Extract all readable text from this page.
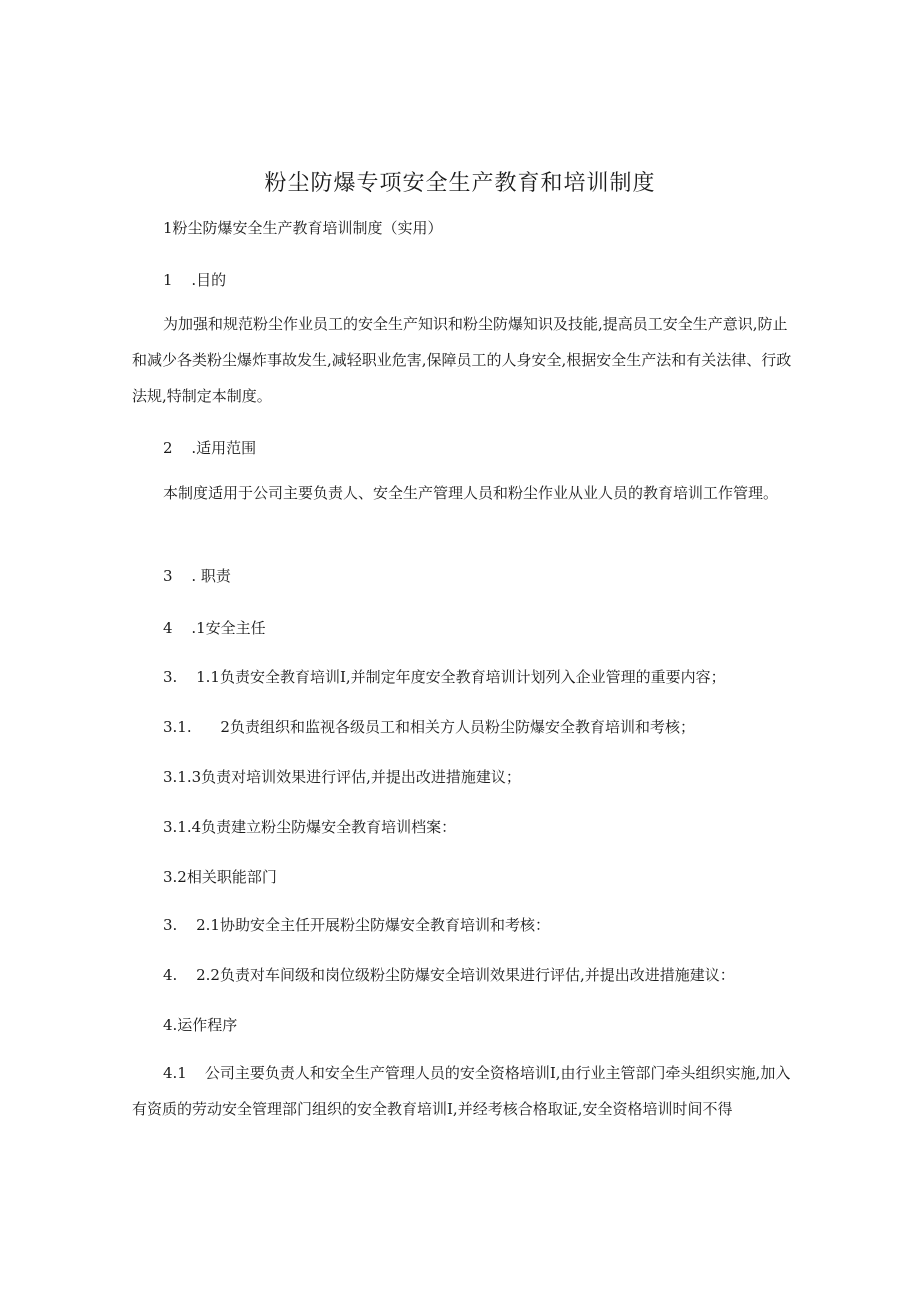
粉尘防爆专项安全生产教育和培训制度

1粉尘防爆安全生产教育培训制度（实用）

1 .目的

为加强和规范粉尘作业员工的安全生产知识和粉尘防爆知识及技能,提高员工安全生产意识,防止和减少各类粉尘爆炸事故发生,减轻职业危害,保障员工的人身安全,根据安全生产法和有关法律、行政法规,特制定本制度。

2 .适用范围

本制度适用于公司主要负责人、安全生产管理人员和粉尘作业从业人员的教育培训工作管理。

3 . 职责

4 .1安全主任

3. 1.1负责安全教育培训I,并制定年度安全教育培训计划列入企业管理的重要内容；

3.1. 2负责组织和监视各级员工和相关方人员粉尘防爆安全教育培训和考核；

3.1.3负责对培训效果进行评估,并提出改进措施建议；

3.1.4负责建立粉尘防爆安全教育培训档案：

3.2相关职能部门

3. 2.1协助安全主任开展粉尘防爆安全教育培训和考核：

4. 2.2负责对车间级和岗位级粉尘防爆安全培训效果进行评估,并提出改进措施建议：

4.运作程序

4.1 公司主要负责人和安全生产管理人员的安全资格培训I,由行业主管部门牵头组织实施,加入有资质的劳动安全管理部门组织的安全教育培训I,并经考核合格取证,安全资格培训时间不得
